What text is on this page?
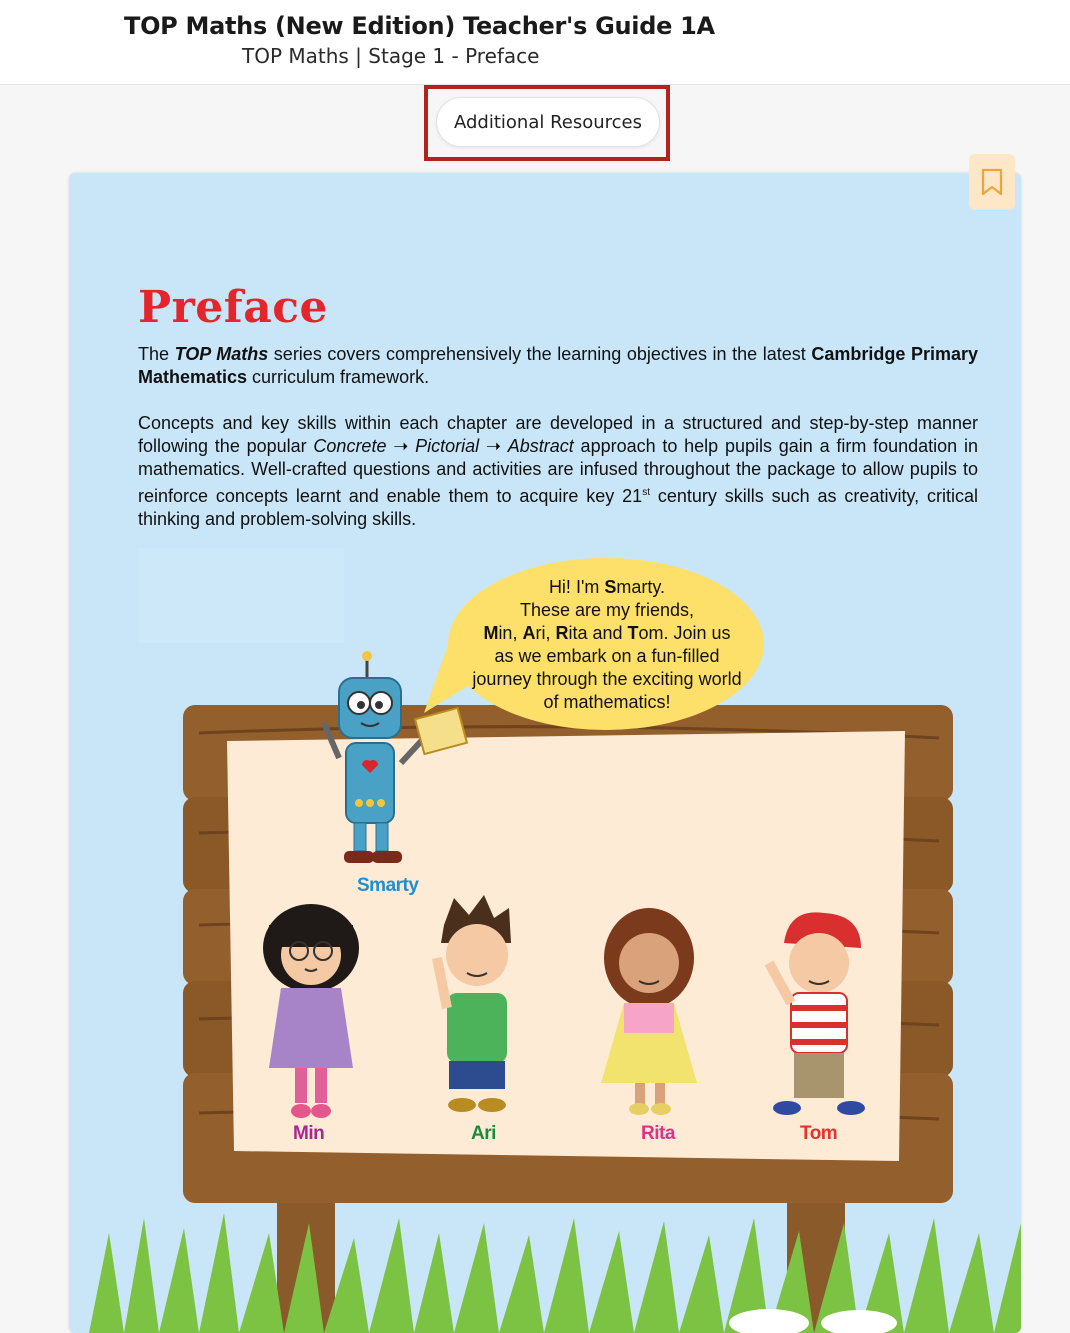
TOP Maths (New Edition) Teacher's Guide 1A
TOP Maths | Stage 1 - Preface
Additional Resources
Smarty
Min	Ari	Rita	Tom
Preface
The TOP Maths series covers comprehensively the learning objectives in the latest Cambridge Primary Mathematics curriculum framework.
Concepts and key skills within each chapter are developed in a structured and step-by-step manner following the popular Concrete ➝ Pictorial ➝ Abstract approach to help pupils gain a firm foundation in mathematics. Well-crafted questions and activities are infused throughout the package to allow pupils to reinforce concepts learnt and enable them to acquire key 21st century skills such as creativity, critical thinking and problem-solving skills.
Hi! I'm Smarty.
These are my friends,
Min, Ari, Rita and Tom. Join us
as we embark on a fun-filled
journey through the exciting world
of mathematics!
